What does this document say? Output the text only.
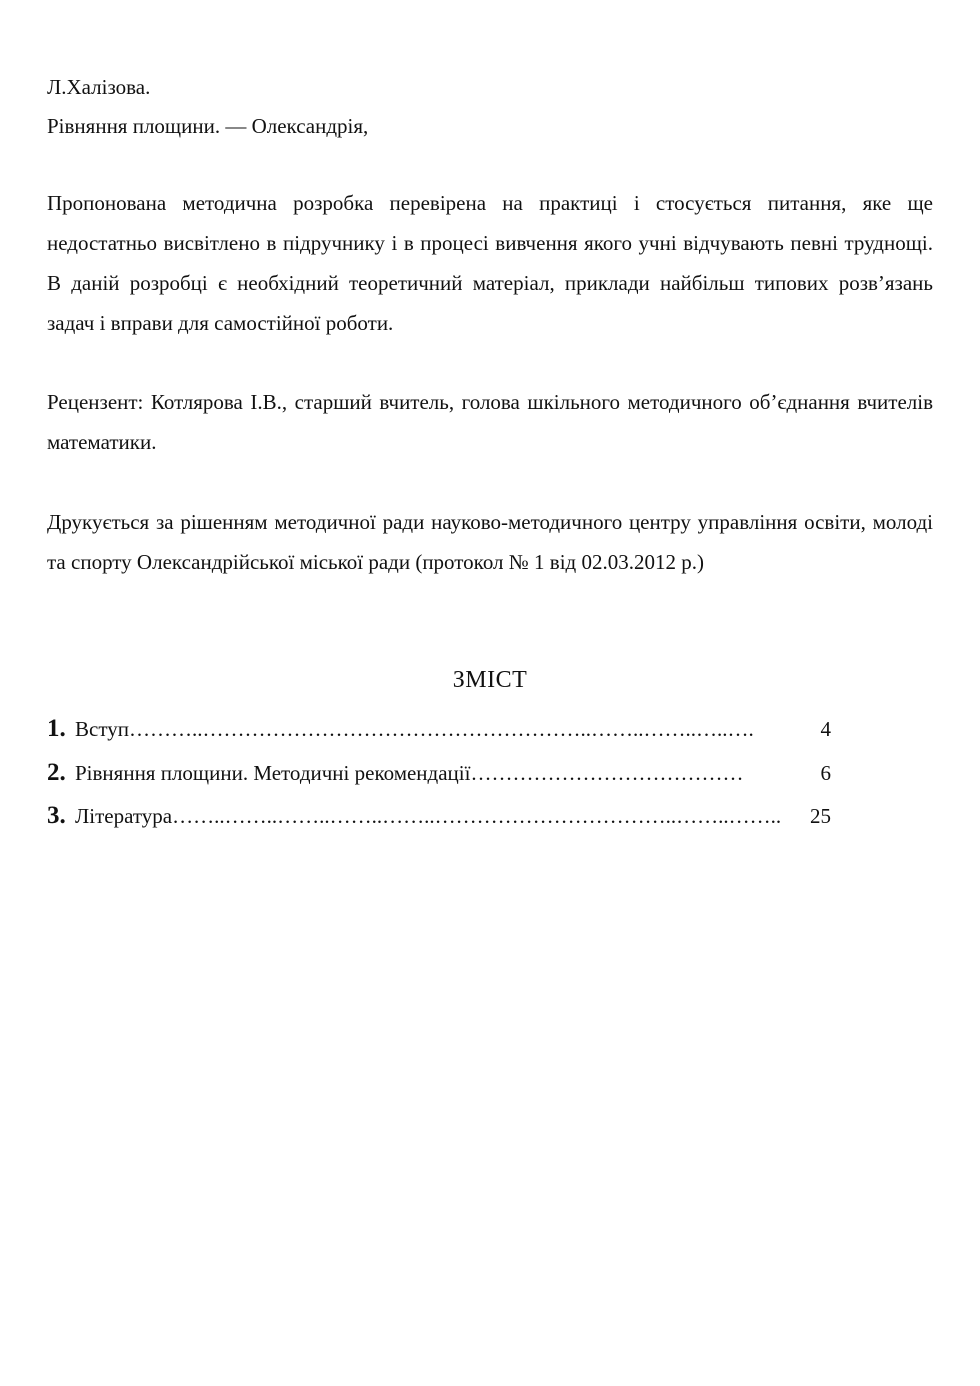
Л.Халізова.
Рівняння площини. — Олександрія,
Пропонована методична розробка перевірена на практиці і стосується питання, яке ще недостатньо висвітлено в підручнику і в процесі вивчення якого учні відчувають певні труднощі. В даній розробці є необхідний теоретичний матеріал, приклади найбільш типових розв’язань задач і вправи для самостійної роботи.
Рецензент: Котлярова І.В., старший вчитель, голова шкільного методичного об’єднання вчителів математики.
Друкується за рішенням методичної ради науково-методичного центру управління освіти, молоді та спорту Олександрійської міської ради (протокол № 1 від 02.03.2012 р.)
ЗМІСТ
1. Вступ ………..………………………………………………..……..……..…..….	4
2. Рівняння площини. Методичні рекомендації …………………………………	6
3. Література ……..……..……..……..……..……………………………..……..……..	25
